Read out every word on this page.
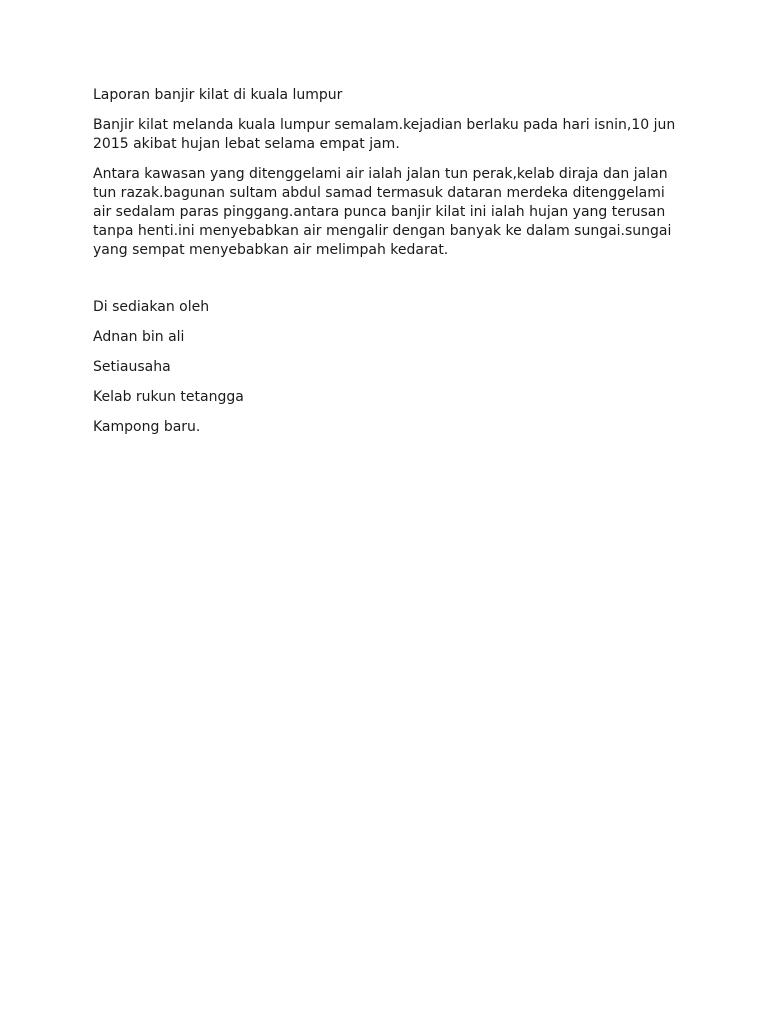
Laporan banjir kilat di kuala lumpur

Banjir kilat melanda kuala lumpur semalam.kejadian berlaku pada hari isnin,10 jun 2015 akibat hujan lebat selama empat jam.

Antara kawasan yang ditenggelami air ialah jalan tun perak,kelab diraja dan jalan tun razak.bagunan sultam abdul samad termasuk dataran merdeka ditenggelami air sedalam paras pinggang.antara punca banjir kilat ini ialah hujan yang terusan tanpa henti.ini menyebabkan air mengalir dengan banyak ke dalam sungai.sungai yang sempat menyebabkan air melimpah kedarat.

Di sediakan oleh

Adnan bin ali

Setiausaha

Kelab rukun tetangga

Kampong baru.
